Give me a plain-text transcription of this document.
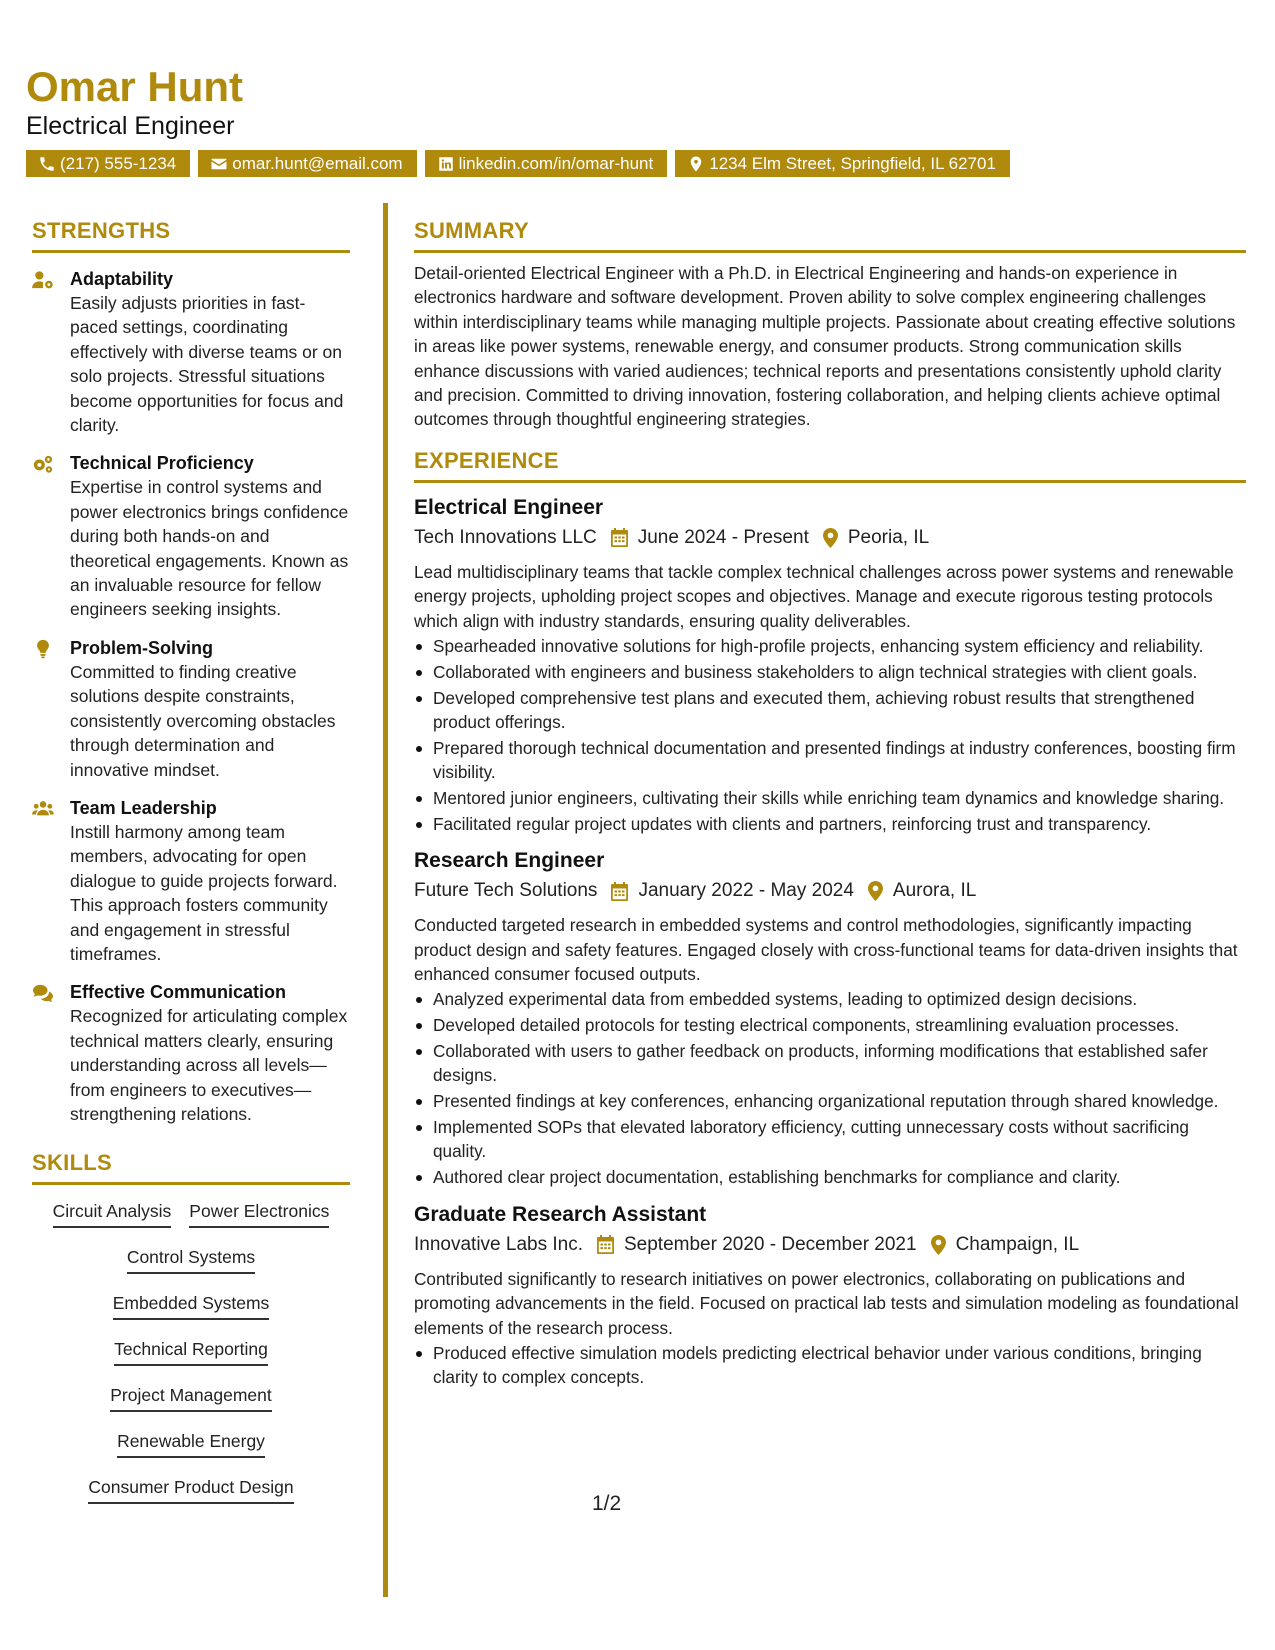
Omar Hunt
Electrical Engineer
(217) 555-1234	omar.hunt@email.com	linkedin.com/in/omar-hunt	1234 Elm Street, Springfield, IL 62701
STRENGTHS
Adaptability
Easily adjusts priorities in fast-paced settings, coordinating effectively with diverse teams or on solo projects. Stressful situations become opportunities for focus and clarity.
Technical Proficiency
Expertise in control systems and power electronics brings confidence during both hands-on and theoretical engagements. Known as an invaluable resource for fellow engineers seeking insights.
Problem-Solving
Committed to finding creative solutions despite constraints, consistently overcoming obstacles through determination and innovative mindset.
Team Leadership
Instill harmony among team members, advocating for open dialogue to guide projects forward. This approach fosters community and engagement in stressful timeframes.
Effective Communication
Recognized for articulating complex technical matters clearly, ensuring understanding across all levels—from engineers to executives—strengthening relations.
SKILLS
Circuit Analysis Power Electronics
Control Systems
Embedded Systems
Technical Reporting
Project Management
Renewable Energy
Consumer Product Design
SUMMARY
Detail-oriented Electrical Engineer with a Ph.D. in Electrical Engineering and hands-on experience in electronics hardware and software development. Proven ability to solve complex engineering challenges within interdisciplinary teams while managing multiple projects. Passionate about creating effective solutions in areas like power systems, renewable energy, and consumer products. Strong communication skills enhance discussions with varied audiences; technical reports and presentations consistently uphold clarity and precision. Committed to driving innovation, fostering collaboration, and helping clients achieve optimal outcomes through thoughtful engineering strategies.
EXPERIENCE
Electrical Engineer
Tech Innovations LLC June 2024 - Present Peoria, IL
Lead multidisciplinary teams that tackle complex technical challenges across power systems and renewable energy projects, upholding project scopes and objectives. Manage and execute rigorous testing protocols which align with industry standards, ensuring quality deliverables.
Spearheaded innovative solutions for high-profile projects, enhancing system efficiency and reliability.
Collaborated with engineers and business stakeholders to align technical strategies with client goals.
Developed comprehensive test plans and executed them, achieving robust results that strengthened product offerings.
Prepared thorough technical documentation and presented findings at industry conferences, boosting firm visibility.
Mentored junior engineers, cultivating their skills while enriching team dynamics and knowledge sharing.
Facilitated regular project updates with clients and partners, reinforcing trust and transparency.
Research Engineer
Future Tech Solutions January 2022 - May 2024 Aurora, IL
Conducted targeted research in embedded systems and control methodologies, significantly impacting product design and safety features. Engaged closely with cross-functional teams for data-driven insights that enhanced consumer focused outputs.
Analyzed experimental data from embedded systems, leading to optimized design decisions.
Developed detailed protocols for testing electrical components, streamlining evaluation processes.
Collaborated with users to gather feedback on products, informing modifications that established safer designs.
Presented findings at key conferences, enhancing organizational reputation through shared knowledge.
Implemented SOPs that elevated laboratory efficiency, cutting unnecessary costs without sacrificing quality.
Authored clear project documentation, establishing benchmarks for compliance and clarity.
Graduate Research Assistant
Innovative Labs Inc. September 2020 - December 2021 Champaign, IL
Contributed significantly to research initiatives on power electronics, collaborating on publications and promoting advancements in the field. Focused on practical lab tests and simulation modeling as foundational elements of the research process.
Produced effective simulation models predicting electrical behavior under various conditions, bringing clarity to complex concepts.
1/2
